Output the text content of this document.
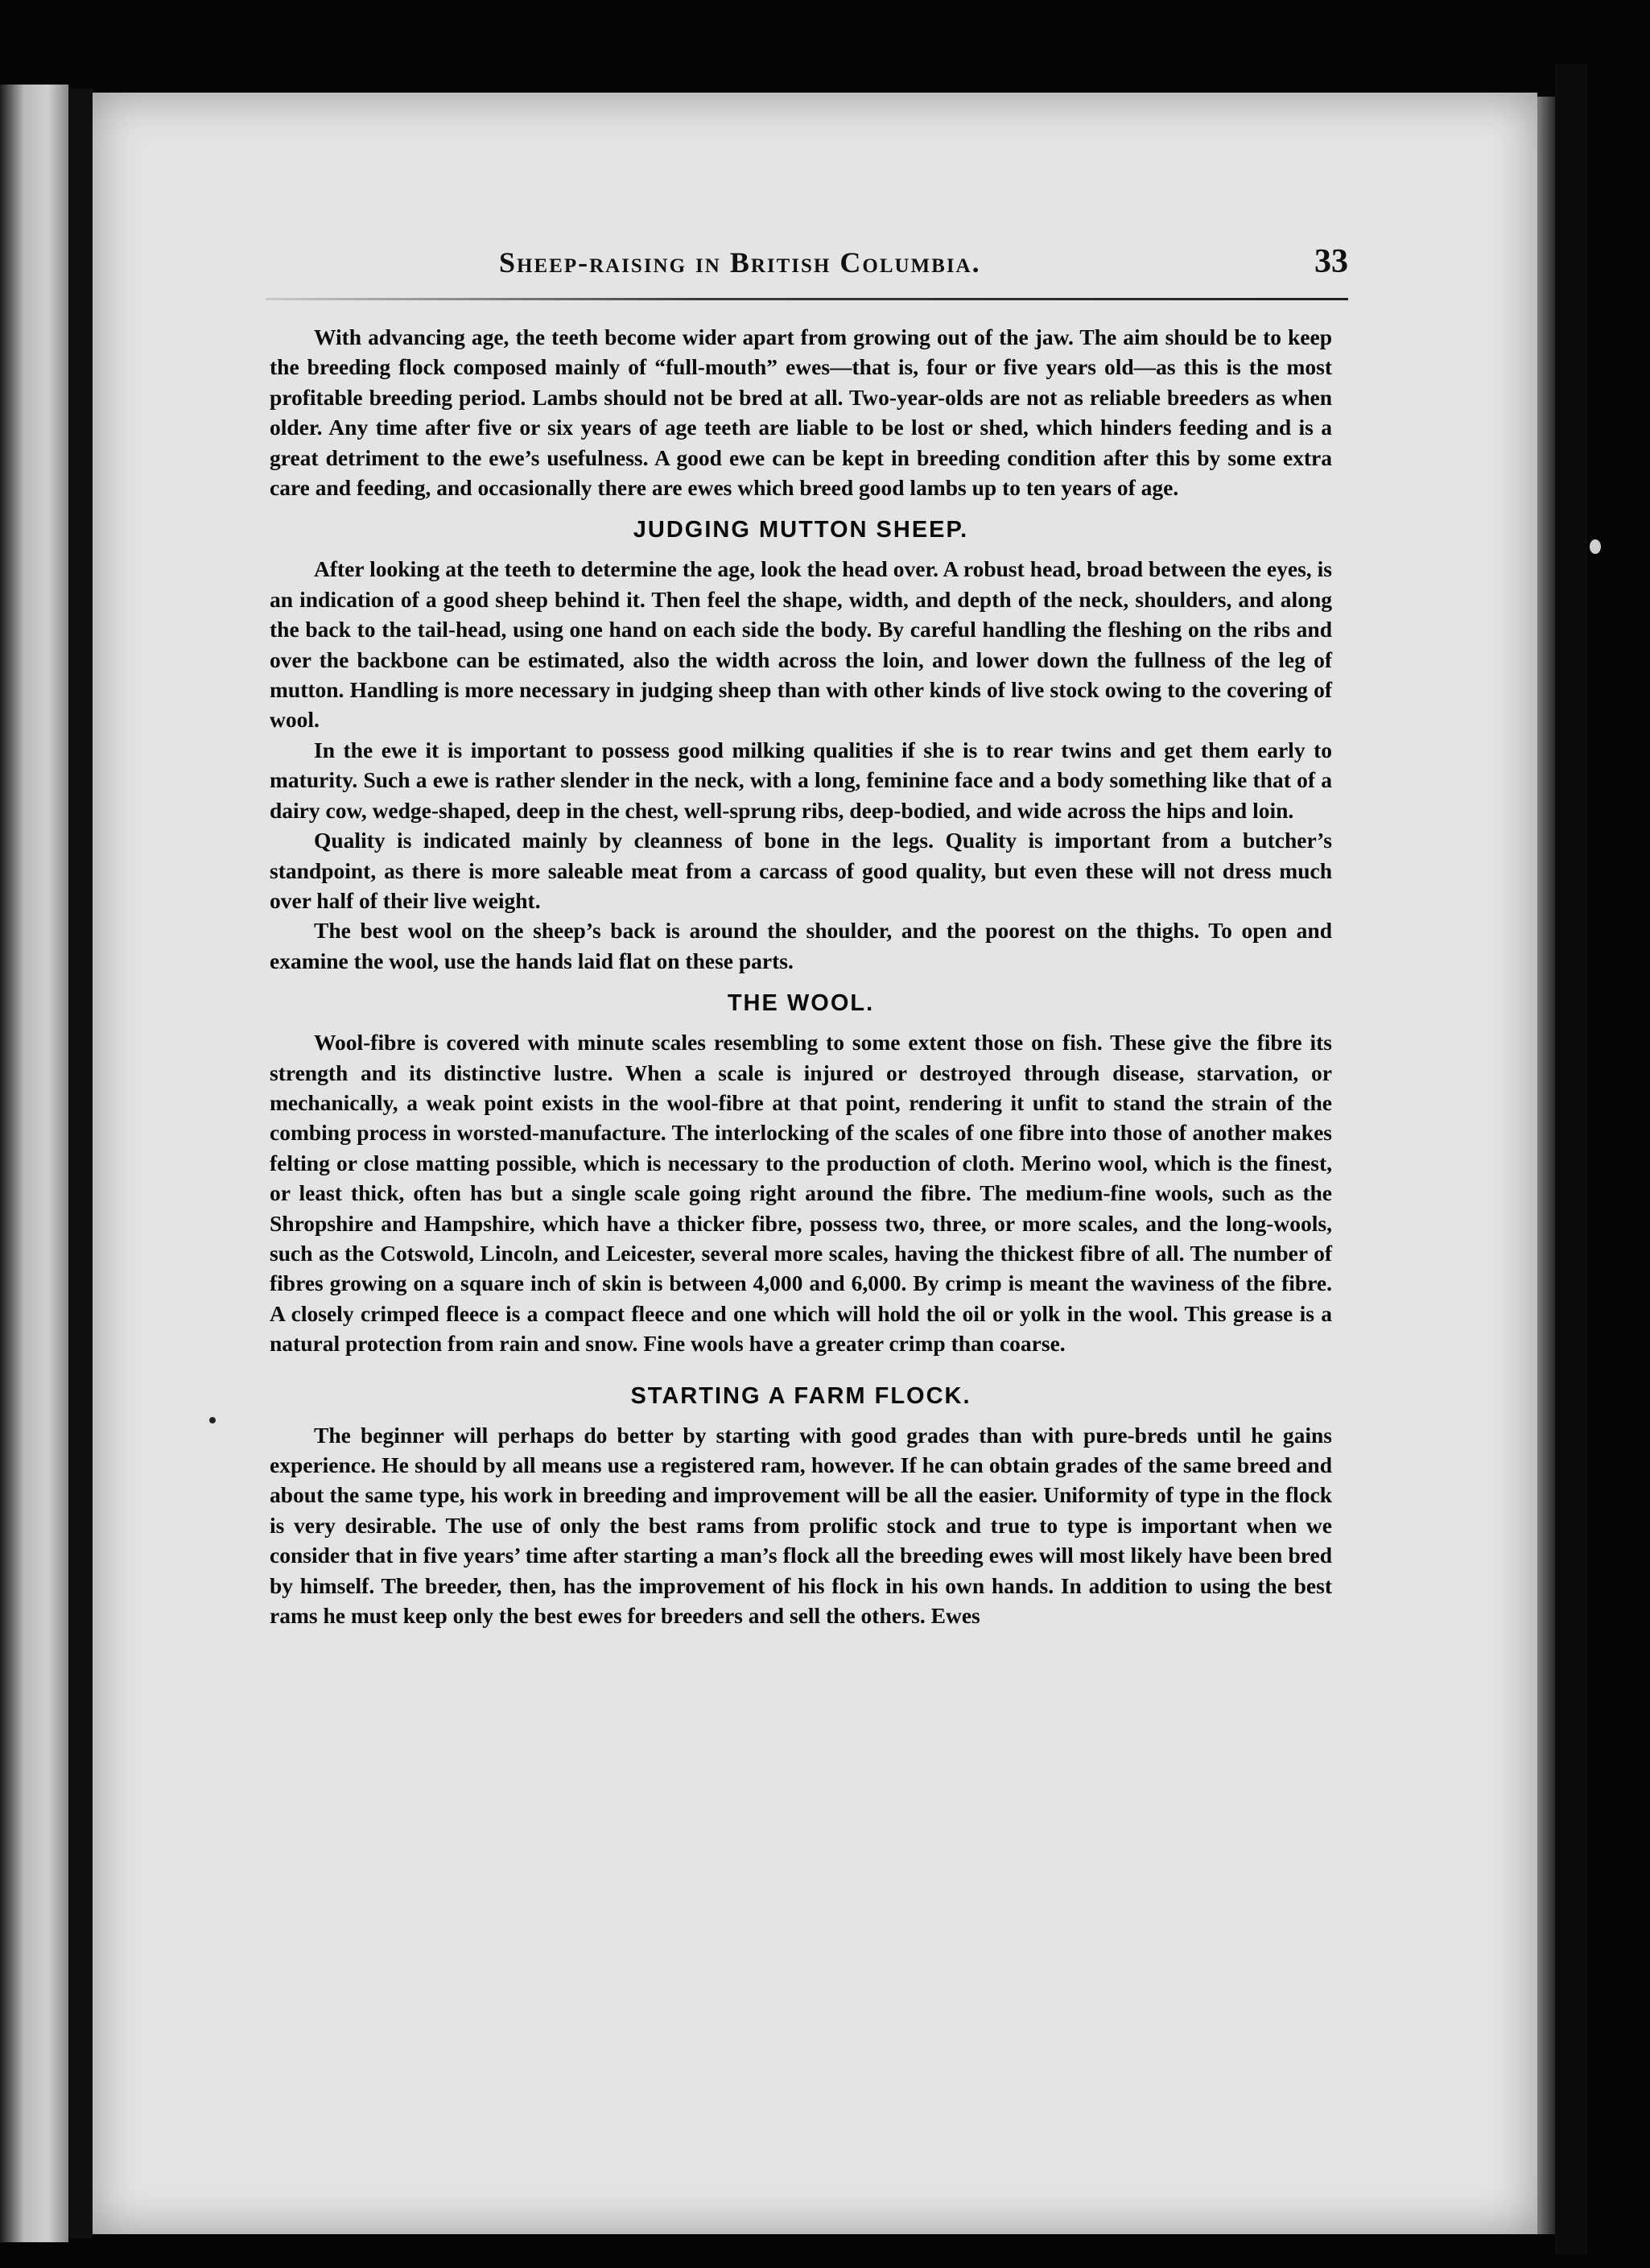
Sheep-raising in British Columbia.	33

With advancing age, the teeth become wider apart from growing out of the jaw. The aim should be to keep the breeding flock composed mainly of “full-mouth” ewes—that is, four or five years old—as this is the most profitable breeding period. Lambs should not be bred at all. Two-year-olds are not as reliable breeders as when older. Any time after five or six years of age teeth are liable to be lost or shed, which hinders feeding and is a great detriment to the ewe’s usefulness. A good ewe can be kept in breeding condition after this by some extra care and feeding, and occasionally there are ewes which breed good lambs up to ten years of age.

JUDGING MUTTON SHEEP.

After looking at the teeth to determine the age, look the head over. A robust head, broad between the eyes, is an indication of a good sheep behind it. Then feel the shape, width, and depth of the neck, shoulders, and along the back to the tail-head, using one hand on each side the body. By careful handling the fleshing on the ribs and over the backbone can be estimated, also the width across the loin, and lower down the fullness of the leg of mutton. Handling is more necessary in judging sheep than with other kinds of live stock owing to the covering of wool.

In the ewe it is important to possess good milking qualities if she is to rear twins and get them early to maturity. Such a ewe is rather slender in the neck, with a long, feminine face and a body something like that of a dairy cow, wedge-shaped, deep in the chest, well-sprung ribs, deep-bodied, and wide across the hips and loin.

Quality is indicated mainly by cleanness of bone in the legs. Quality is important from a butcher’s standpoint, as there is more saleable meat from a carcass of good quality, but even these will not dress much over half of their live weight.

The best wool on the sheep’s back is around the shoulder, and the poorest on the thighs. To open and examine the wool, use the hands laid flat on these parts.

THE WOOL.

Wool-fibre is covered with minute scales resembling to some extent those on fish. These give the fibre its strength and its distinctive lustre. When a scale is injured or destroyed through disease, starvation, or mechanically, a weak point exists in the wool-fibre at that point, rendering it unfit to stand the strain of the combing process in worsted-manufacture. The interlocking of the scales of one fibre into those of another makes felting or close matting possible, which is necessary to the production of cloth. Merino wool, which is the finest, or least thick, often has but a single scale going right around the fibre. The medium-fine wools, such as the Shropshire and Hampshire, which have a thicker fibre, possess two, three, or more scales, and the long-wools, such as the Cotswold, Lincoln, and Leicester, several more scales, having the thickest fibre of all. The number of fibres growing on a square inch of skin is between 4,000 and 6,000. By crimp is meant the waviness of the fibre. A closely crimped fleece is a compact fleece and one which will hold the oil or yolk in the wool. This grease is a natural protection from rain and snow. Fine wools have a greater crimp than coarse.

STARTING A FARM FLOCK.

The beginner will perhaps do better by starting with good grades than with pure-breds until he gains experience. He should by all means use a registered ram, however. If he can obtain grades of the same breed and about the same type, his work in breeding and improvement will be all the easier. Uniformity of type in the flock is very desirable. The use of only the best rams from prolific stock and true to type is important when we consider that in five years’ time after starting a man’s flock all the breeding ewes will most likely have been bred by himself. The breeder, then, has the improvement of his flock in his own hands. In addition to using the best rams he must keep only the best ewes for breeders and sell the others. Ewes
